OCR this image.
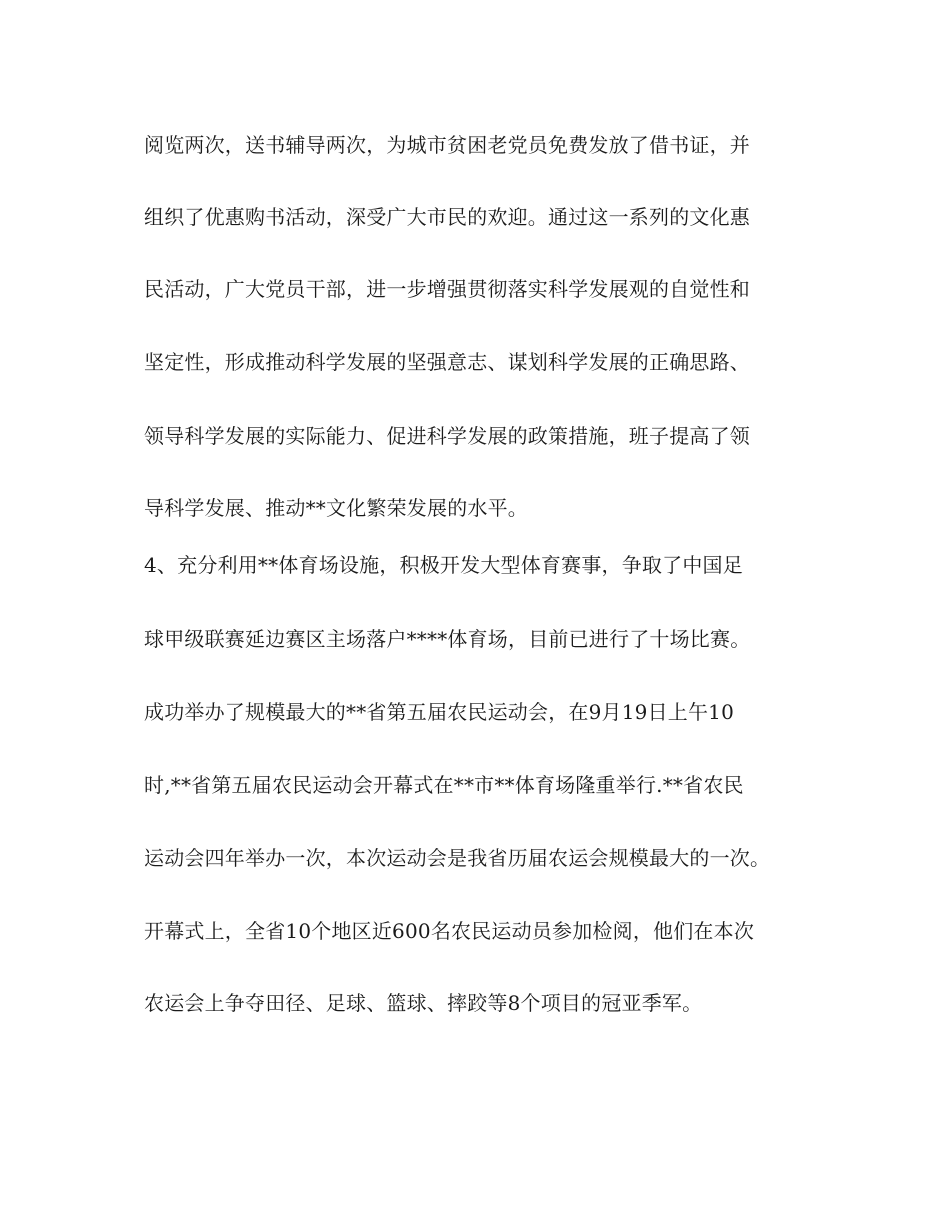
阅览两次，送书辅导两次，为城市贫困老党员免费发放了借书证，并
组织了优惠购书活动，深受广大市民的欢迎。通过这一系列的文化惠
民活动，广大党员干部，进一步增强贯彻落实科学发展观的自觉性和
坚定性，形成推动科学发展的坚强意志、谋划科学发展的正确思路、
领导科学发展的实际能力、促进科学发展的政策措施，班子提高了领
导科学发展、推动**文化繁荣发展的水平。
4、充分利用**体育场设施，积极开发大型体育赛事，争取了中国足
球甲级联赛延边赛区主场落户****体育场，目前已进行了十场比赛。
成功举办了规模最大的**省第五届农民运动会，在9月19日上午10
时,**省第五届农民运动会开幕式在**市**体育场隆重举行.**省农民
运动会四年举办一次，本次运动会是我省历届农运会规模最大的一次。
开幕式上，全省10个地区近600名农民运动员参加检阅，他们在本次
农运会上争夺田径、足球、篮球、摔跤等8个项目的冠亚季军。
